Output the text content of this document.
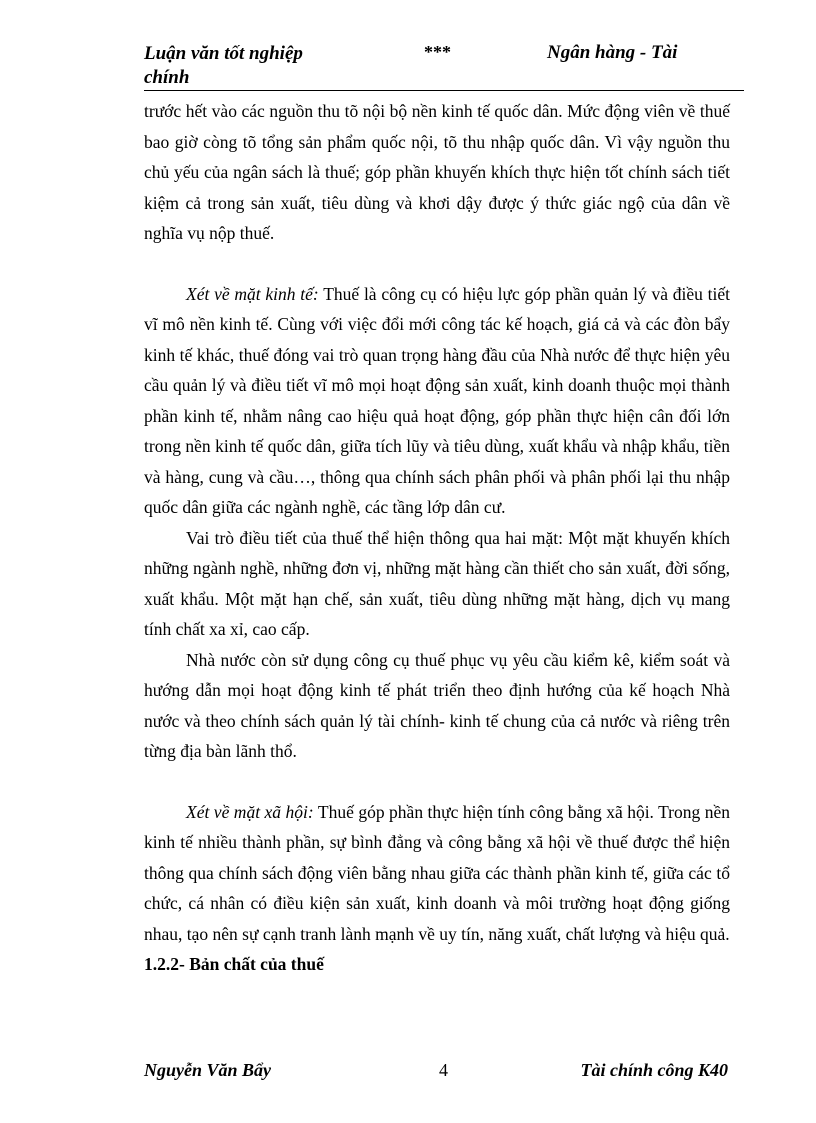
Luận văn tốt nghiệp chính
***	Ngân hàng - Tài

trước hết vào các nguồn thu tõ nội bộ nền kinh tế quốc dân. Mức động viên về thuế bao giờ còng tõ tổng sản phẩm quốc nội, tõ thu nhập quốc dân. Vì vậy nguồn thu chủ yếu của ngân sách là thuế; góp phần khuyến khích thực hiện tốt chính sách tiết kiệm cả trong sản xuất, tiêu dùng và khơi dậy được ý thức giác ngộ của dân về nghĩa vụ nộp thuế.

Xét về mặt kinh tế: Thuế là công cụ có hiệu lực góp phần quản lý và điều tiết vĩ mô nền kinh tế. Cùng với việc đổi mới công tác kế hoạch, giá cả và các đòn bẩy kinh tế khác, thuế đóng vai trò quan trọng hàng đầu của Nhà nước để thực hiện yêu cầu quản lý và điều tiết vĩ mô mọi hoạt động sản xuất, kinh doanh thuộc mọi thành phần kinh tế, nhằm nâng cao hiệu quả hoạt động, góp phần thực hiện cân đối lớn trong nền kinh tế quốc dân, giữa tích lũy và tiêu dùng, xuất khẩu và nhập khẩu, tiền và hàng, cung và cầu…, thông qua chính sách phân phối và phân phối lại thu nhập quốc dân giữa các ngành nghề, các tầng lớp dân cư.

Vai trò điều tiết của thuế thể hiện thông qua hai mặt: Một mặt khuyến khích những ngành nghề, những đơn vị, những mặt hàng cần thiết cho sản xuất, đời sống, xuất khẩu. Một mặt hạn chế, sản xuất, tiêu dùng những mặt hàng, dịch vụ mang tính chất xa xỉ, cao cấp.

Nhà nước còn sử dụng công cụ thuế phục vụ yêu cầu kiểm kê, kiểm soát và hướng dẫn mọi hoạt động kinh tế phát triển theo định hướng của kế hoạch Nhà nước và theo chính sách quản lý tài chính- kinh tế chung của cả nước và riêng trên từng địa bàn lãnh thổ.

Xét về mặt xã hội: Thuế góp phần thực hiện tính công bằng xã hội. Trong nền kinh tế nhiều thành phần, sự bình đẳng và công bằng xã hội về thuế được thể hiện thông qua chính sách động viên bằng nhau giữa các thành phần kinh tế, giữa các tổ chức, cá nhân có điều kiện sản xuất, kinh doanh và môi trường hoạt động giống nhau, tạo nên sự cạnh tranh lành mạnh về uy tín, năng xuất, chất lượng và hiệu quả.

1.2.2- Bản chất của thuế

Nguyễn Văn Bẩy	4	Tài chính công K40
